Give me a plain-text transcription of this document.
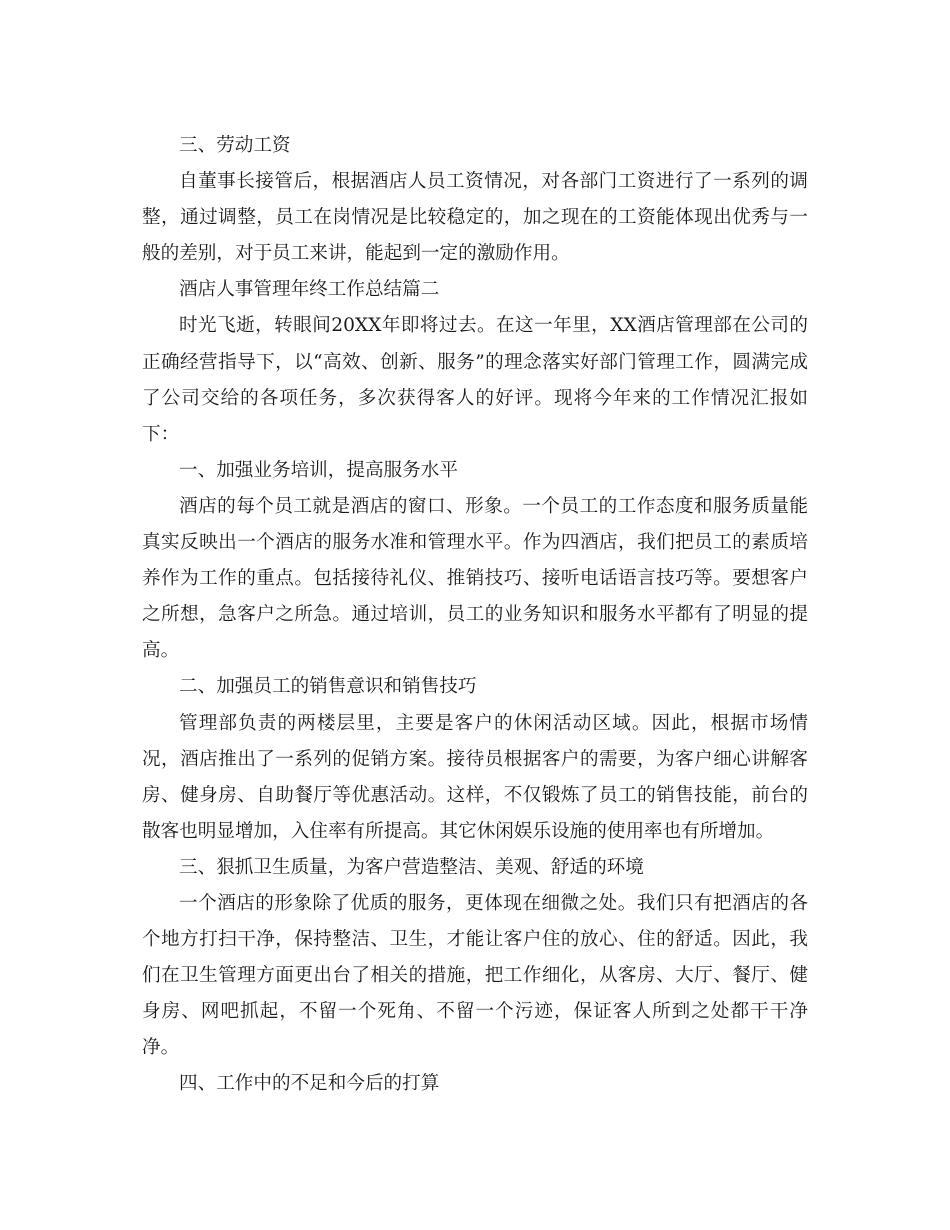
三、劳动工资

自董事长接管后，根据酒店人员工资情况，对各部门工资进行了一系列的调整，通过调整，员工在岗情况是比较稳定的，加之现在的工资能体现出优秀与一般的差别，对于员工来讲，能起到一定的激励作用。

酒店人事管理年终工作总结篇二

时光飞逝，转眼间20XX年即将过去。在这一年里，XX酒店管理部在公司的正确经营指导下，以“高效、创新、服务”的理念落实好部门管理工作，圆满完成了公司交给的各项任务，多次获得客人的好评。现将今年来的工作情况汇报如下：

一、加强业务培训，提高服务水平

酒店的每个员工就是酒店的窗口、形象。一个员工的工作态度和服务质量能真实反映出一个酒店的服务水准和管理水平。作为四酒店，我们把员工的素质培养作为工作的重点。包括接待礼仪、推销技巧、接听电话语言技巧等。要想客户之所想，急客户之所急。通过培训，员工的业务知识和服务水平都有了明显的提高。

二、加强员工的销售意识和销售技巧

管理部负责的两楼层里，主要是客户的休闲活动区域。因此，根据市场情况，酒店推出了一系列的促销方案。接待员根据客户的需要，为客户细心讲解客房、健身房、自助餐厅等优惠活动。这样，不仅锻炼了员工的销售技能，前台的散客也明显增加，入住率有所提高。其它休闲娱乐设施的使用率也有所增加。

三、狠抓卫生质量，为客户营造整洁、美观、舒适的环境

一个酒店的形象除了优质的服务，更体现在细微之处。我们只有把酒店的各个地方打扫干净，保持整洁、卫生，才能让客户住的放心、住的舒适。因此，我们在卫生管理方面更出台了相关的措施，把工作细化，从客房、大厅、餐厅、健身房、网吧抓起，不留一个死角、不留一个污迹，保证客人所到之处都干干净净。

四、工作中的不足和今后的打算
